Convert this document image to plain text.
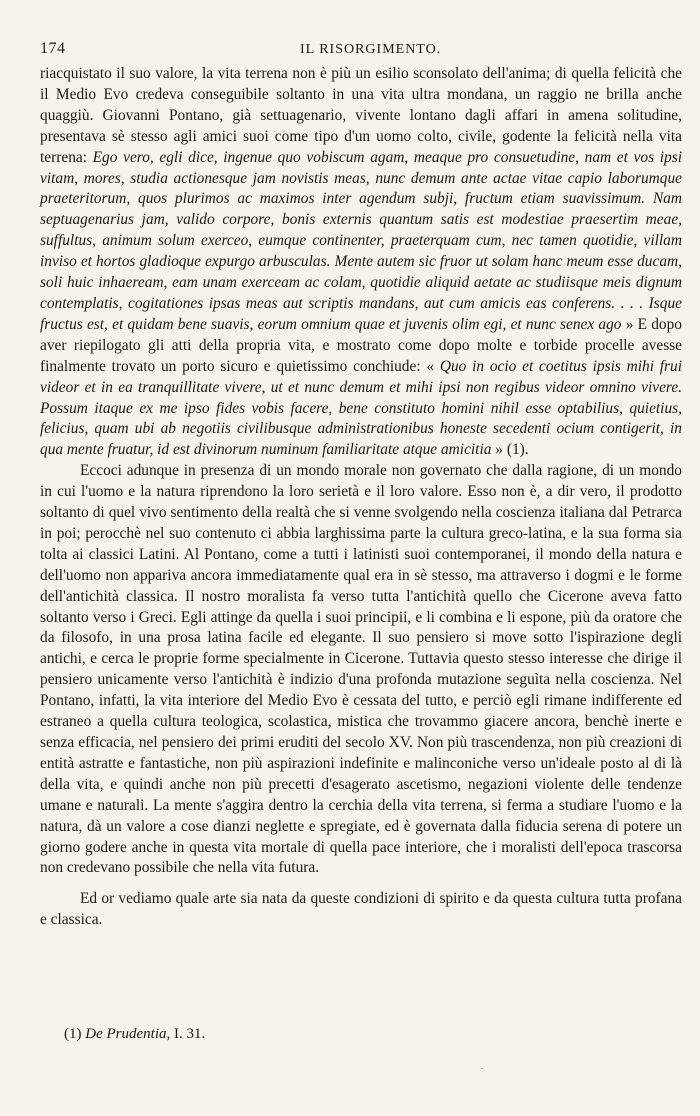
174	IL RISORGIMENTO.

riacquistato il suo valore, la vita terrena non è più un esilio sconsolato dell'anima; di quella felicità che il Medio Evo credeva conseguibile soltanto in una vita ultra mondana, un raggio ne brilla anche quaggiù. Giovanni Pontano, già settuagenario, vivente lontano dagli affari in amena solitudine, presentava sè stesso agli amici suoi come tipo d'un uomo colto, civile, godente la felicità nella vita terrena: Ego vero, egli dice, ingenue quo vobiscum agam, meaque pro consuetudine, nam et vos ipsi vitam, mores, studia actionesque jam novistis meas, nunc demum ante actae vitae capio laborumque praeteritorum, quos plurimos ac maximos inter agendum subji, fructum etiam suavissimum. Nam septuagenarius jam, valido corpore, bonis externis quantum satis est modestiae praesertim meae, suffultus, animum solum exerceo, eumque continenter, praeterquam cum, nec tamen quotidie, villam inviso et hortos gladioque expurgo arbusculas. Mente autem sic fruor ut solam hanc meum esse ducam, soli huic inhaeream, eam unam exerceam ac colam, quotidie aliquid aetate ac studiisque meis dignum contemplatis, cogitationes ipsas meas aut scriptis mandans, aut cum amicis eas conferens. . . . Isque fructus est, et quidam bene suavis, eorum omnium quae et juvenis olim egi, et nunc senex ago » E dopo aver riepilogato gli atti della propria vita, e mostrato come dopo molte e torbide procelle avesse finalmente trovato un porto sicuro e quietissimo conchiude: « Quo in ocio et coetitus ipsis mihi frui videor et in ea tranquillitate vivere, ut et nunc demum et mihi ipsi non regibus videor omnino vivere. Possum itaque ex me ipso fides vobis facere, bene constituto homini nihil esse optabilius, quietius, felicius, quam ubi ab negotiis civilibusque administrationibus honeste secedenti ocium contigerit, in qua mente fruatur, id est divinorum numinum familiaritate atque amicitia » (1).

Eccoci adunque in presenza di un mondo morale non governato che dalla ragione, di un mondo in cui l'uomo e la natura riprendono la loro serietà e il loro valore. Esso non è, a dir vero, il prodotto soltanto di quel vivo sentimento della realtà che si venne svolgendo nella coscienza italiana dal Petrarca in poi; perocchè nel suo contenuto ci abbia larghissima parte la cultura greco-latina, e la sua forma sia tolta ai classici Latini. Al Pontano, come a tutti i latinisti suoi contemporanei, il mondo della natura e dell'uomo non appariva ancora immediatamente qual era in sè stesso, ma attraverso i dogmi e le forme dell'antichità classica. Il nostro moralista fa verso tutta l'antichità quello che Cicerone aveva fatto soltanto verso i Greci. Egli attinge da quella i suoi principii, e li combina e li espone, più da oratore che da filosofo, in una prosa latina facile ed elegante. Il suo pensiero si move sotto l'ispirazione degli antichi, e cerca le proprie forme specialmente in Cicerone. Tuttavia questo stesso interesse che dirige il pensiero unicamente verso l'antichità è indizio d'una profonda mutazione seguìta nella coscienza. Nel Pontano, infatti, la vita interiore del Medio Evo è cessata del tutto, e perciò egli rimane indifferente ed estraneo a quella cultura teologica, scolastica, mistica che trovammo giacere ancora, benchè inerte e senza efficacia, nel pensiero dei primi eruditi del secolo XV. Non più trascendenza, non più creazioni di entità astratte e fantastiche, non più aspirazioni indefinite e malinconiche verso un'ideale posto al di là della vita, e quindi anche non più precetti d'esagerato ascetismo, negazioni violente delle tendenze umane e naturali. La mente s'aggira dentro la cerchia della vita terrena, si ferma a studiare l'uomo e la natura, dà un valore a cose dianzi neglette e spregiate, ed è governata dalla fiducia serena di potere un giorno godere anche in questa vita mortale di quella pace interiore, che i moralisti dell'epoca trascorsa non credevano possibile che nella vita futura.

Ed or vediamo quale arte sia nata da queste condizioni di spirito e da questa cultura tutta profana e classica.

(1) De Prudentia, I. 31.

·
